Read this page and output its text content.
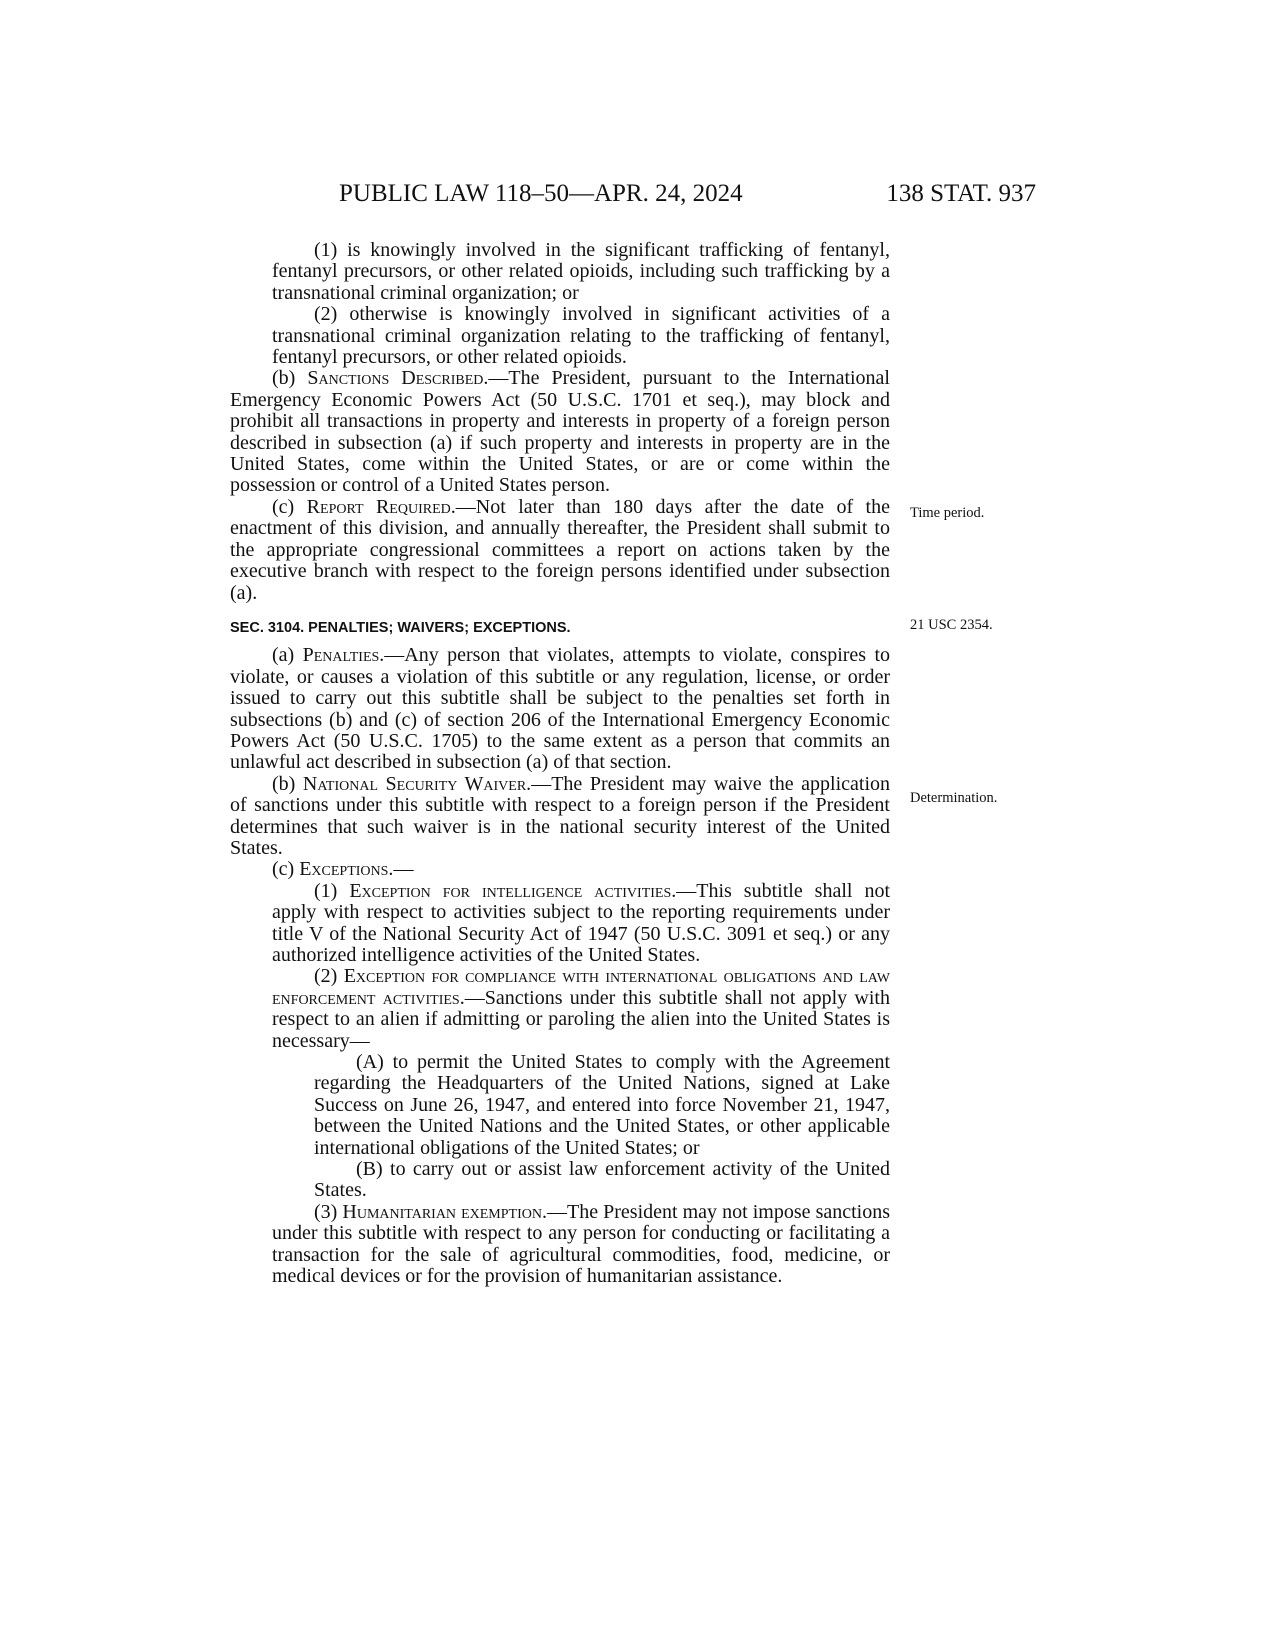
PUBLIC LAW 118–50—APR. 24, 2024	138 STAT. 937

(1) is knowingly involved in the significant trafficking of fentanyl, fentanyl precursors, or other related opioids, including such trafficking by a transnational criminal organization; or

(2) otherwise is knowingly involved in significant activities of a transnational criminal organization relating to the trafficking of fentanyl, fentanyl precursors, or other related opioids.

(b) Sanctions Described.—The President, pursuant to the International Emergency Economic Powers Act (50 U.S.C. 1701 et seq.), may block and prohibit all transactions in property and interests in property of a foreign person described in subsection (a) if such property and interests in property are in the United States, come within the United States, or are or come within the possession or control of a United States person.

(c) Report Required.—Not later than 180 days after the date of the enactment of this division, and annually thereafter, the President shall submit to the appropriate congressional committees a report on actions taken by the executive branch with respect to the foreign persons identified under subsection (a).

SEC. 3104. PENALTIES; WAIVERS; EXCEPTIONS.

(a) Penalties.—Any person that violates, attempts to violate, conspires to violate, or causes a violation of this subtitle or any regulation, license, or order issued to carry out this subtitle shall be subject to the penalties set forth in subsections (b) and (c) of section 206 of the International Emergency Economic Powers Act (50 U.S.C. 1705) to the same extent as a person that commits an unlawful act described in subsection (a) of that section.

(b) National Security Waiver.—The President may waive the application of sanctions under this subtitle with respect to a foreign person if the President determines that such waiver is in the national security interest of the United States.

(c) Exceptions.—

(1) Exception for intelligence activities.—This subtitle shall not apply with respect to activities subject to the reporting requirements under title V of the National Security Act of 1947 (50 U.S.C. 3091 et seq.) or any authorized intelligence activities of the United States.

(2) Exception for compliance with international obligations and law enforcement activities.—Sanctions under this subtitle shall not apply with respect to an alien if admitting or paroling the alien into the United States is necessary—

(A) to permit the United States to comply with the Agreement regarding the Headquarters of the United Nations, signed at Lake Success on June 26, 1947, and entered into force November 21, 1947, between the United Nations and the United States, or other applicable international obligations of the United States; or

(B) to carry out or assist law enforcement activity of the United States.

(3) Humanitarian exemption.—The President may not impose sanctions under this subtitle with respect to any person for conducting or facilitating a transaction for the sale of agricultural commodities, food, medicine, or medical devices or for the provision of humanitarian assistance.

Time period.
21 USC 2354.
Determination.
